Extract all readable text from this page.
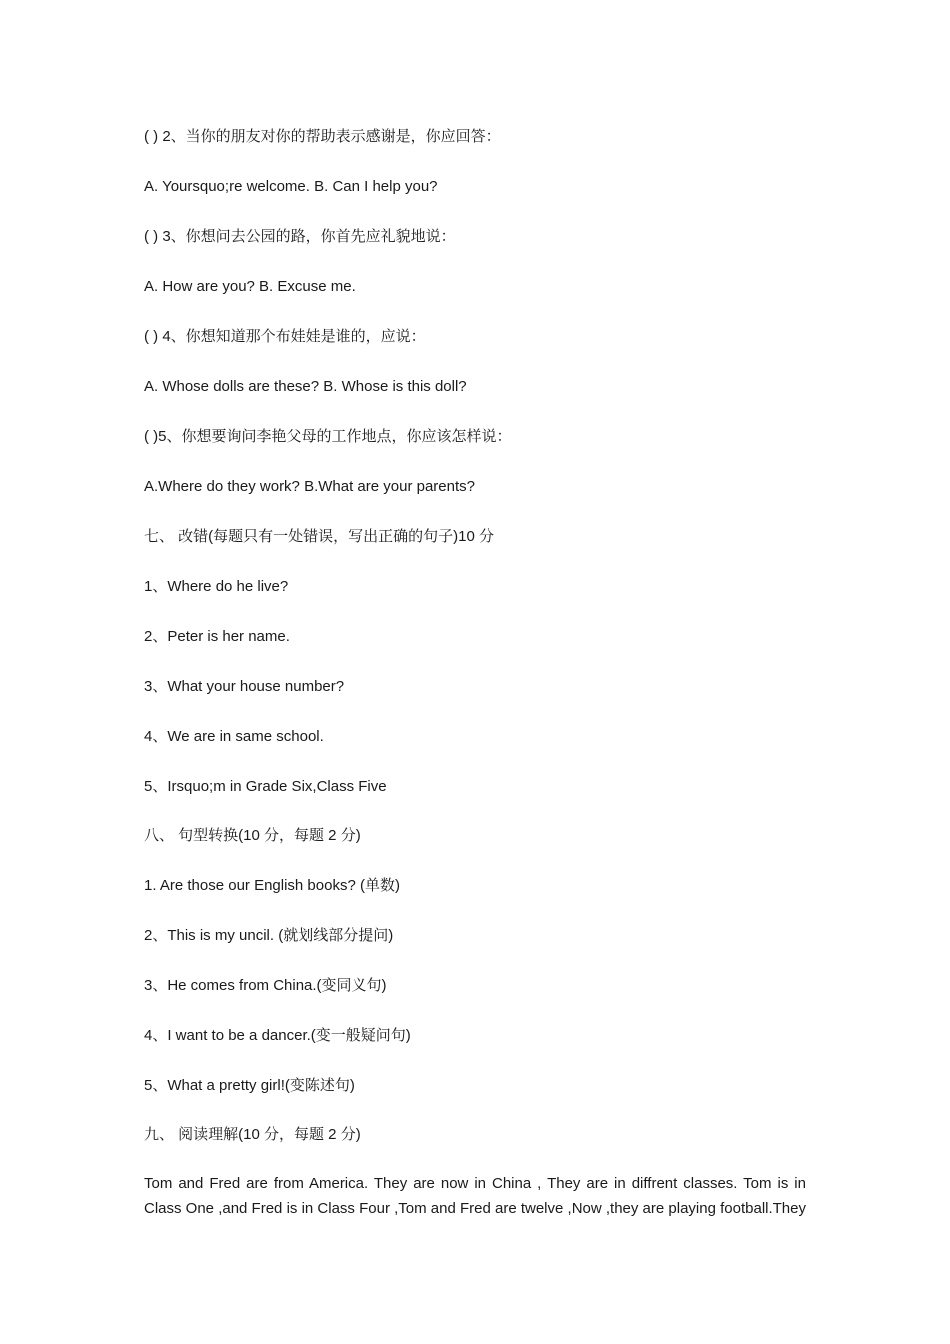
( ) 2、当你的朋友对你的帮助表示感谢是，你应回答：
A. Yoursquo;re welcome. B. Can I help you?
( ) 3、你想问去公园的路，你首先应礼貌地说：
A. How are you? B. Excuse me.
( ) 4、你想知道那个布娃娃是谁的，应说：
A. Whose dolls are these? B. Whose is this doll?
( )5、你想要询问李艳父母的工作地点，你应该怎样说：
A.Where do they work? B.What are your parents?
七、 改错(每题只有一处错误，写出正确的句子)10 分
1、Where do he live?
2、Peter is her name.
3、What your house number?
4、We are in same school.
5、Irsquo;m in Grade Six,Class Five
八、 句型转换(10 分，每题 2 分)
1. Are those our English books? (单数)
2、This is my uncil. (就划线部分提问)
3、He comes from China.(变同义句)
4、I want to be a dancer.(变一般疑问句)
5、What a pretty girl!(变陈述句)
九、 阅读理解(10 分，每题 2 分)
Tom and Fred are from America. They are now in China , They are in diffrent classes. Tom is in
Class One ,and Fred is in Class Four ,Tom and Fred are twelve ,Now ,they are playing football.They
